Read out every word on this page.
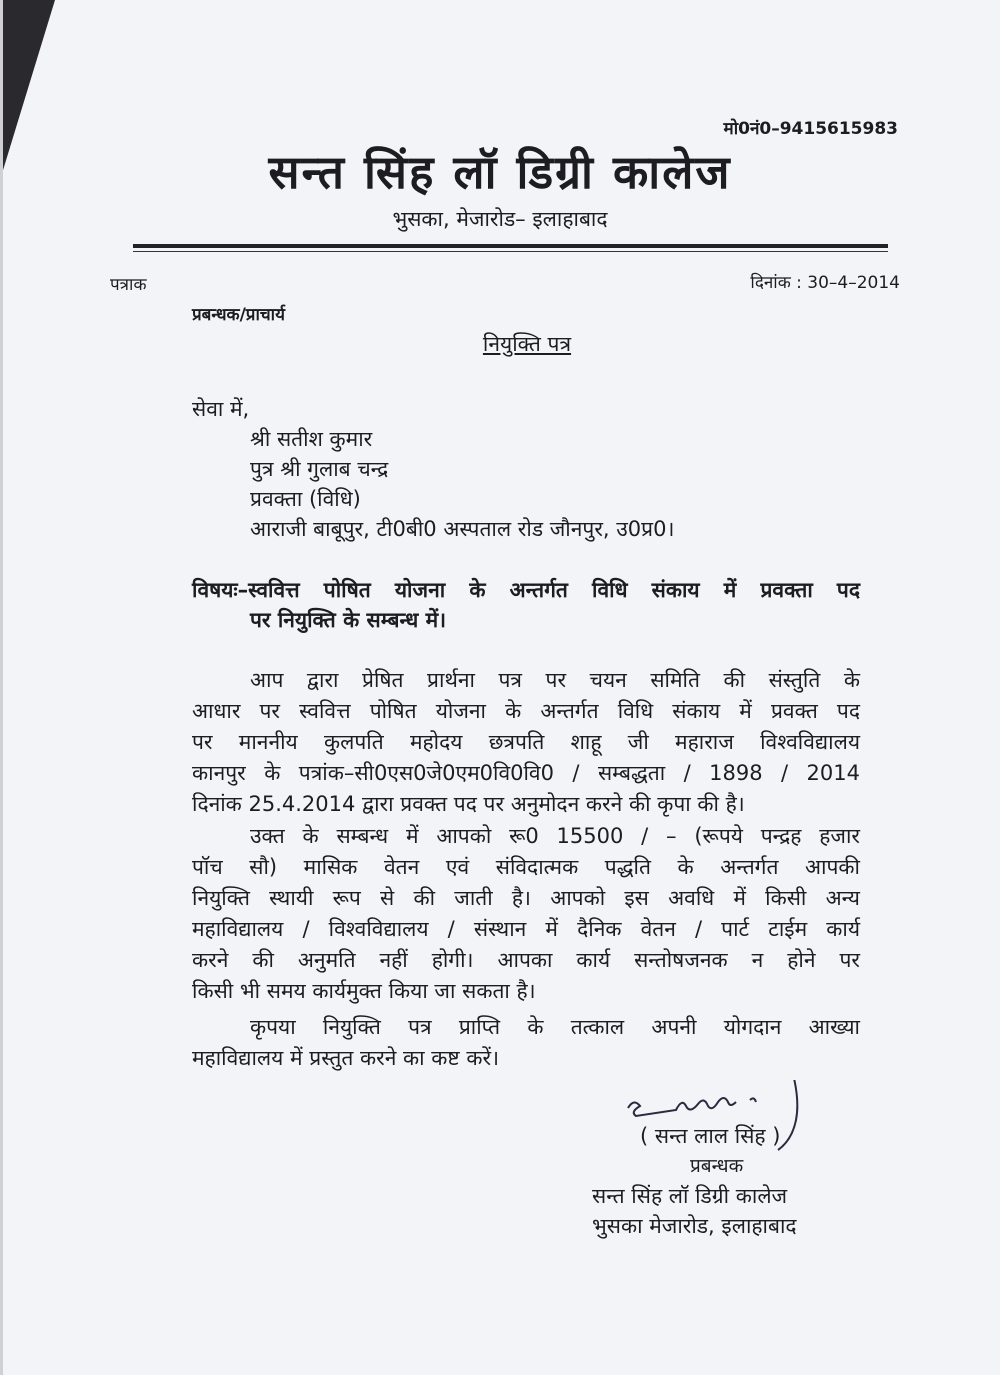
मो0नं0–9415615983
सन्त सिंह लॉ डिग्री कालेज
भुसका, मेजारोड– इलाहाबाद
पत्राक	दिनांक : 30–4–2014
प्रबन्धक/प्राचार्य
नियुक्ति पत्र
सेवा में,
श्री सतीश कुमार
पुत्र श्री गुलाब चन्द्र
प्रवक्ता (विधि)
आराजी बाबूपुर, टी0बी0 अस्पताल रोड जौनपुर, उ0प्र0।
विषयः–स्ववित्त पोषित योजना के अन्तर्गत विधि संकाय में प्रवक्ता पद
पर नियुक्ति के सम्बन्ध में।
आप द्वारा प्रेषित प्रार्थना पत्र पर चयन समिति की संस्तुति के
आधार पर स्ववित्त पोषित योजना के अन्तर्गत विधि संकाय में प्रवक्त पद
पर माननीय कुलपति महोदय छत्रपति शाहू जी महाराज विश्वविद्यालय
कानपुर के पत्रांक–सी0एस0जे0एम0वि0वि0 / सम्बद्धता / 1898 / 2014
दिनांक 25.4.2014 द्वारा प्रवक्त पद पर अनुमोदन करने की कृपा की है।
उक्त के सम्बन्ध में आपको रू0 15500 / – (रूपये पन्द्रह हजार
पॉच सौ) मासिक वेतन एवं संविदात्मक पद्धति के अन्तर्गत आपकी
नियुक्ति स्थायी रूप से की जाती है। आपको इस अवधि में किसी अन्य
महाविद्यालय / विश्वविद्यालय / संस्थान में दैनिक वेतन / पार्ट टाईम कार्य
करने की अनुमति नहीं होगी। आपका कार्य सन्तोषजनक न होने पर
किसी भी समय कार्यमुक्त किया जा सकता है।
कृपया नियुक्ति पत्र प्राप्ति के तत्काल अपनी योगदान आख्या
महाविद्यालय में प्रस्तुत करने का कष्ट करें।
( सन्त लाल सिंह )
प्रबन्धक
सन्त सिंह लॉ डिग्री कालेज
भुसका मेजारोड, इलाहाबाद
